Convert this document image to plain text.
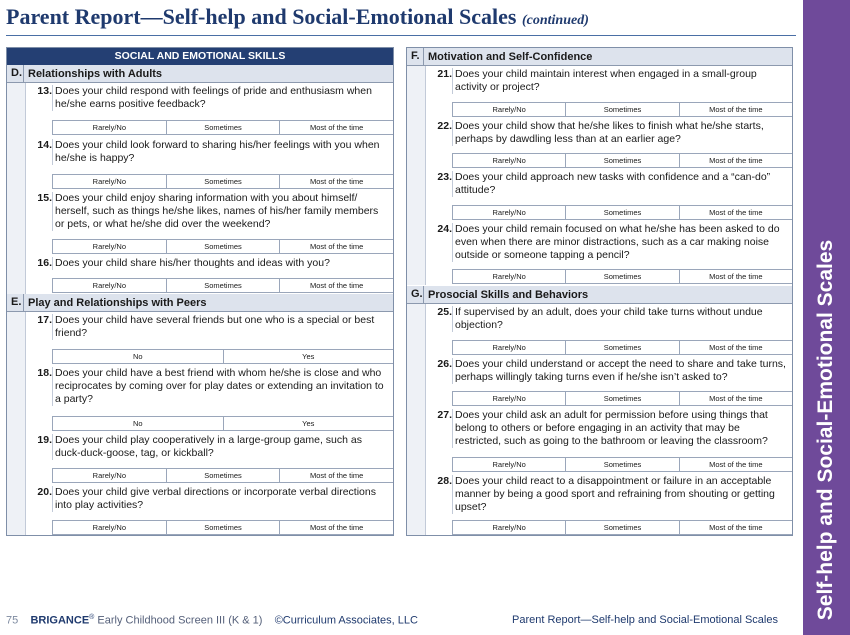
Parent Report—Self-help and Social-Emotional Scales (continued)
Self-help and Social-Emotional Scales
SOCIAL AND EMOTIONAL SKILLS
D. Relationships with Adults
13. Does your child respond with feelings of pride and enthusiasm when he/she earns positive feedback?
Rarely/No	Sometimes	Most of the time
14. Does your child look forward to sharing his/her feelings with you when he/she is happy?
Rarely/No	Sometimes	Most of the time
15. Does your child enjoy sharing information with you about himself/ herself, such as things he/she likes, names of his/her family members or pets, or what he/she did over the weekend?
Rarely/No	Sometimes	Most of the time
16. Does your child share his/her thoughts and ideas with you?
Rarely/No	Sometimes	Most of the time
E. Play and Relationships with Peers
17. Does your child have several friends but one who is a special or best friend?
No	Yes
18. Does your child have a best friend with whom he/she is close and who reciprocates by coming over for play dates or extending an invitation to a party?
No	Yes
19. Does your child play cooperatively in a large-group game, such as duck-duck-goose, tag, or kickball?
Rarely/No	Sometimes	Most of the time
20. Does your child give verbal directions or incorporate verbal directions into play activities?
Rarely/No	Sometimes	Most of the time
F. Motivation and Self-Confidence
21. Does your child maintain interest when engaged in a small-group activity or project?
Rarely/No	Sometimes	Most of the time
22. Does your child show that he/she likes to finish what he/she starts, perhaps by dawdling less than at an earlier age?
Rarely/No	Sometimes	Most of the time
23. Does your child approach new tasks with confidence and a “can-do” attitude?
Rarely/No	Sometimes	Most of the time
24. Does your child remain focused on what he/she has been asked to do even when there are minor distractions, such as a car making noise outside or someone tapping a pencil?
Rarely/No	Sometimes	Most of the time
G. Prosocial Skills and Behaviors
25. If supervised by an adult, does your child take turns without undue objection?
Rarely/No	Sometimes	Most of the time
26. Does your child understand or accept the need to share and take turns, perhaps willingly taking turns even if he/she isn’t asked to?
Rarely/No	Sometimes	Most of the time
27. Does your child ask an adult for permission before using things that belong to others or before engaging in an activity that may be restricted, such as going to the bathroom or leaving the classroom?
Rarely/No	Sometimes	Most of the time
28. Does your child react to a disappointment or failure in an acceptable manner by being a good sport and refraining from shouting or getting upset?
Rarely/No	Sometimes	Most of the time
75 BRIGANCE® Early Childhood Screen III (K & 1) ©Curriculum Associates, LLC	Parent Report—Self-help and Social-Emotional Scales
